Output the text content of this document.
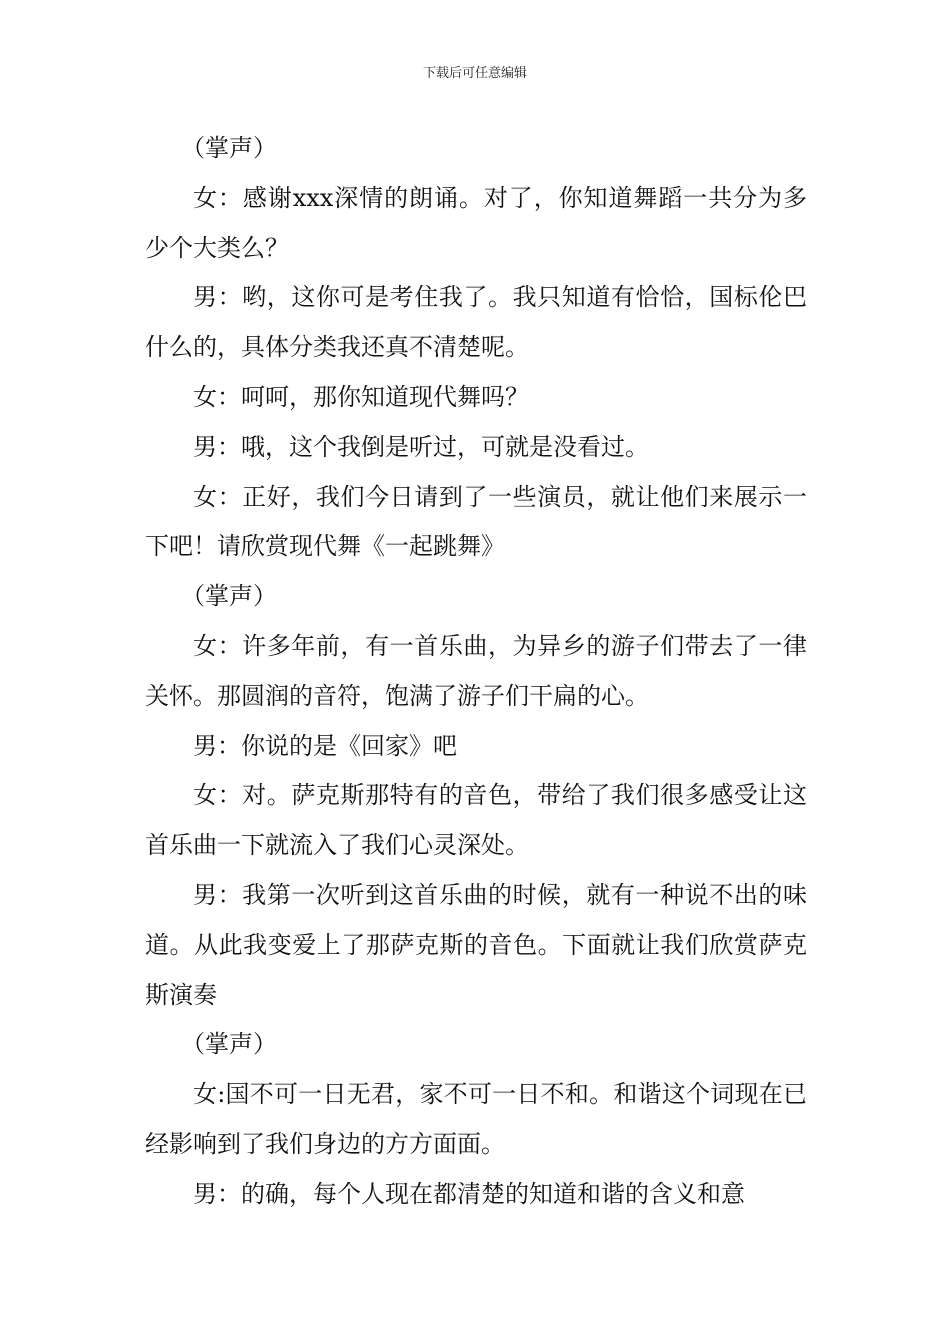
下载后可任意编辑

（掌声）

女：感谢xxx深情的朗诵。对了，你知道舞蹈一共分为多少个大类么？

男：哟，这你可是考住我了。我只知道有恰恰，国标伦巴什么的，具体分类我还真不清楚呢。

女：呵呵，那你知道现代舞吗？

男：哦，这个我倒是听过，可就是没看过。

女：正好，我们今日请到了一些演员，就让他们来展示一下吧！请欣赏现代舞《一起跳舞》

（掌声）

女：许多年前，有一首乐曲，为异乡的游子们带去了一律关怀。那圆润的音符，饱满了游子们干扁的心。

男：你说的是《回家》吧

女：对。萨克斯那特有的音色，带给了我们很多感受让这首乐曲一下就流入了我们心灵深处。

男：我第一次听到这首乐曲的时候，就有一种说不出的味道。从此我变爱上了那萨克斯的音色。下面就让我们欣赏萨克斯演奏

（掌声）

女:国不可一日无君，家不可一日不和。和谐这个词现在已经影响到了我们身边的方方面面。

男：的确，每个人现在都清楚的知道和谐的含义和意
